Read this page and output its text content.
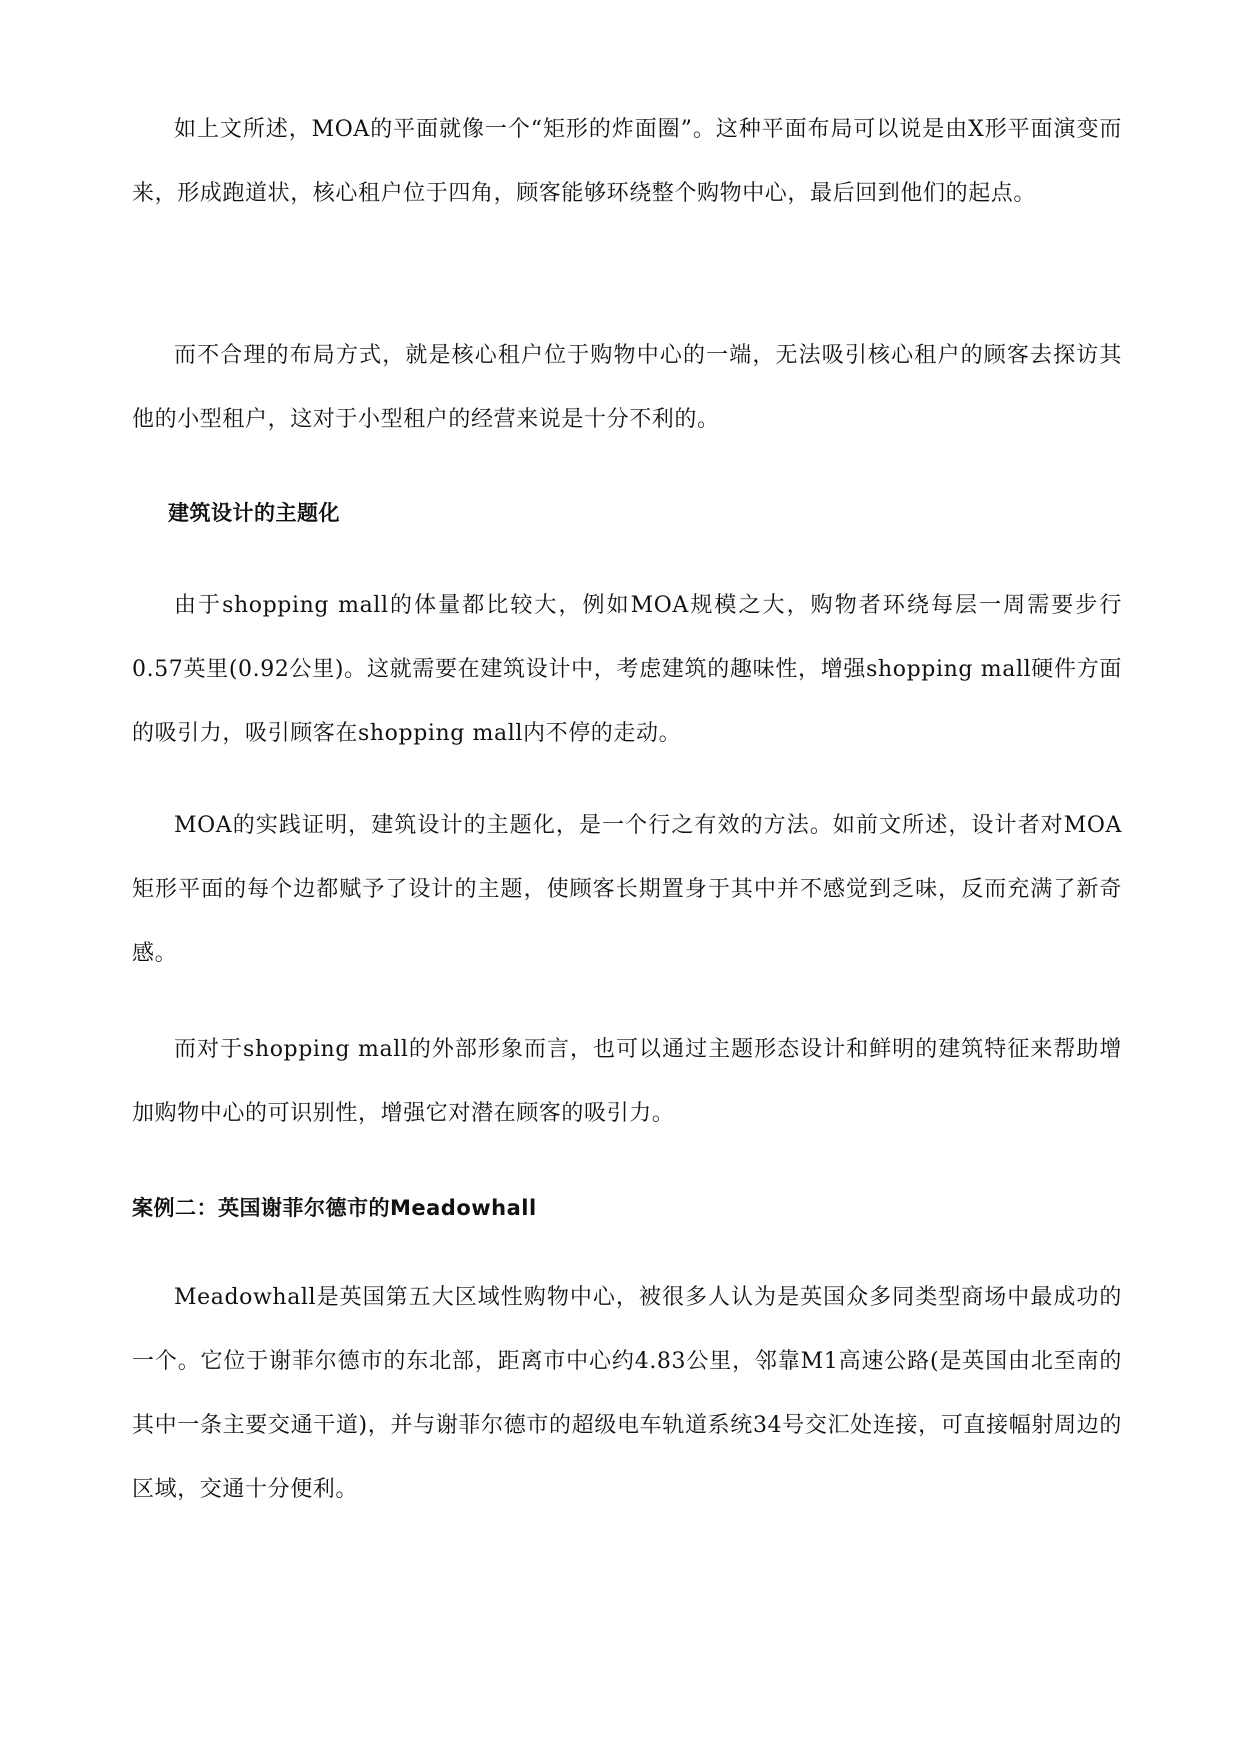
如上文所述，MOA的平面就像一个“矩形的炸面圈”。这种平面布局可以说是由X形平面演变而来，形成跑道状，核心租户位于四角，顾客能够环绕整个购物中心，最后回到他们的起点。

而不合理的布局方式，就是核心租户位于购物中心的一端，无法吸引核心租户的顾客去探访其他的小型租户，这对于小型租户的经营来说是十分不利的。

建筑设计的主题化

由于shopping mall的体量都比较大，例如MOA规模之大，购物者环绕每层一周需要步行0.57英里(0.92公里)。这就需要在建筑设计中，考虑建筑的趣味性，增强shopping mall硬件方面的吸引力，吸引顾客在shopping mall内不停的走动。

MOA的实践证明，建筑设计的主题化，是一个行之有效的方法。如前文所述，设计者对MOA矩形平面的每个边都赋予了设计的主题，使顾客长期置身于其中并不感觉到乏味，反而充满了新奇感。

而对于shopping mall的外部形象而言，也可以通过主题形态设计和鲜明的建筑特征来帮助增加购物中心的可识别性，增强它对潜在顾客的吸引力。

案例二：英国谢菲尔德市的Meadowhall

Meadowhall是英国第五大区域性购物中心，被很多人认为是英国众多同类型商场中最成功的一个。它位于谢菲尔德市的东北部，距离市中心约4.83公里，邻靠M1高速公路(是英国由北至南的其中一条主要交通干道)，并与谢菲尔德市的超级电车轨道系统34号交汇处连接，可直接幅射周边的区域，交通十分便利。
